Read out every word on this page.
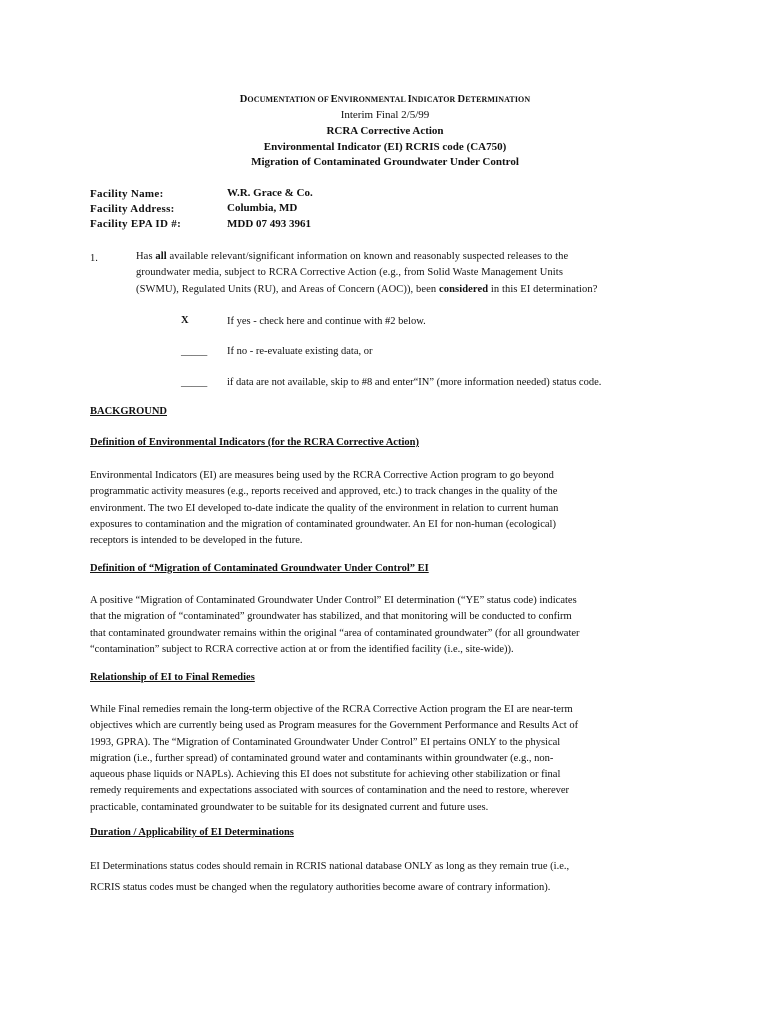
DOCUMENTATION OF ENVIRONMENTAL INDICATOR DETERMINATION
Interim Final 2/5/99
RCRA Corrective Action
Environmental Indicator (EI) RCRIS code (CA750)
Migration of Contaminated Groundwater Under Control
Facility Name:	W.R. Grace & Co.
Facility Address:	Columbia, MD
Facility EPA ID #:	MDD 07 493 3961
1.	Has all available relevant/significant information on known and reasonably suspected releases to the
groundwater media, subject to RCRA Corrective Action (e.g., from Solid Waste Management Units
(SWMU), Regulated Units (RU), and Areas of Concern (AOC)), been considered in this EI determination?
X	If yes - check here and continue with #2 below.
_____ If no - re-evaluate existing data, or
_____ if data are not available, skip to #8 and enter“IN” (more information needed) status code.
BACKGROUND
Definition of Environmental Indicators (for the RCRA Corrective Action)

Environmental Indicators (EI) are measures being used by the RCRA Corrective Action program to go beyond

programmatic activity measures (e.g., reports received and approved, etc.) to track changes in the quality of the

environment. The two EI developed to-date indicate the quality of the environment in relation to current human

exposures to contamination and the migration of contaminated groundwater. An EI for non-human (ecological)

receptors is intended to be developed in the future.

Definition of “Migration of Contaminated Groundwater Under Control” EI

A positive “Migration of Contaminated Groundwater Under Control” EI determination (“YE” status code) indicates

that the migration of “contaminated” groundwater has stabilized, and that monitoring will be conducted to confirm

that contaminated groundwater remains within the original “area of contaminated groundwater” (for all groundwater

“contamination” subject to RCRA corrective action at or from the identified facility (i.e., site-wide)).

Relationship of EI to Final Remedies

While Final remedies remain the long-term objective of the RCRA Corrective Action program the EI are near-term

objectives which are currently being used as Program measures for the Government Performance and Results Act of

1993, GPRA). The “Migration of Contaminated Groundwater Under Control” EI pertains ONLY to the physical

migration (i.e., further spread) of contaminated ground water and contaminants within groundwater (e.g., non-

aqueous phase liquids or NAPLs). Achieving this EI does not substitute for achieving other stabilization or final

remedy requirements and expectations associated with sources of contamination and the need to restore, wherever

practicable, contaminated groundwater to be suitable for its designated current and future uses.

Duration / Applicability of EI Determinations

EI Determinations status codes should remain in RCRIS national database ONLY as long as they remain true (i.e.,

RCRIS status codes must be changed when the regulatory authorities become aware of contrary information).
